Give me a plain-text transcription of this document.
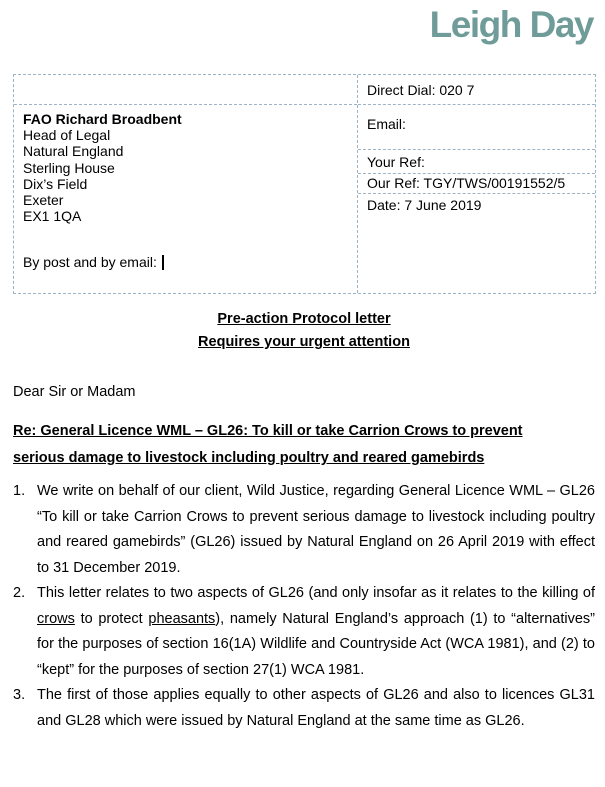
Leigh Day
FAO Richard Broadbent
Head of Legal
Natural England
Sterling House
Dix’s Field
Exeter
EX1 1QA
By post and by email:
Direct Dial: 020 7
Email:
Your Ref:
Our Ref: TGY/TWS/00191552/5
Date: 7 June 2019
Pre-action Protocol letter
Requires your urgent attention
Dear Sir or Madam
Re: General Licence WML – GL26: To kill or take Carrion Crows to prevent
serious damage to livestock including poultry and reared gamebirds
1. We write on behalf of our client, Wild Justice, regarding General Licence WML – GL26 “To kill or take Carrion Crows to prevent serious damage to livestock including poultry and reared gamebirds” (GL26) issued by Natural England on 26 April 2019 with effect to 31 December 2019.
2. This letter relates to two aspects of GL26 (and only insofar as it relates to the killing of crows to protect pheasants), namely Natural England’s approach (1) to “alternatives” for the purposes of section 16(1A) Wildlife and Countryside Act (WCA 1981), and (2) to “kept” for the purposes of section 27(1) WCA 1981.
3. The first of those applies equally to other aspects of GL26 and also to licences GL31 and GL28 which were issued by Natural England at the same time as GL26.
